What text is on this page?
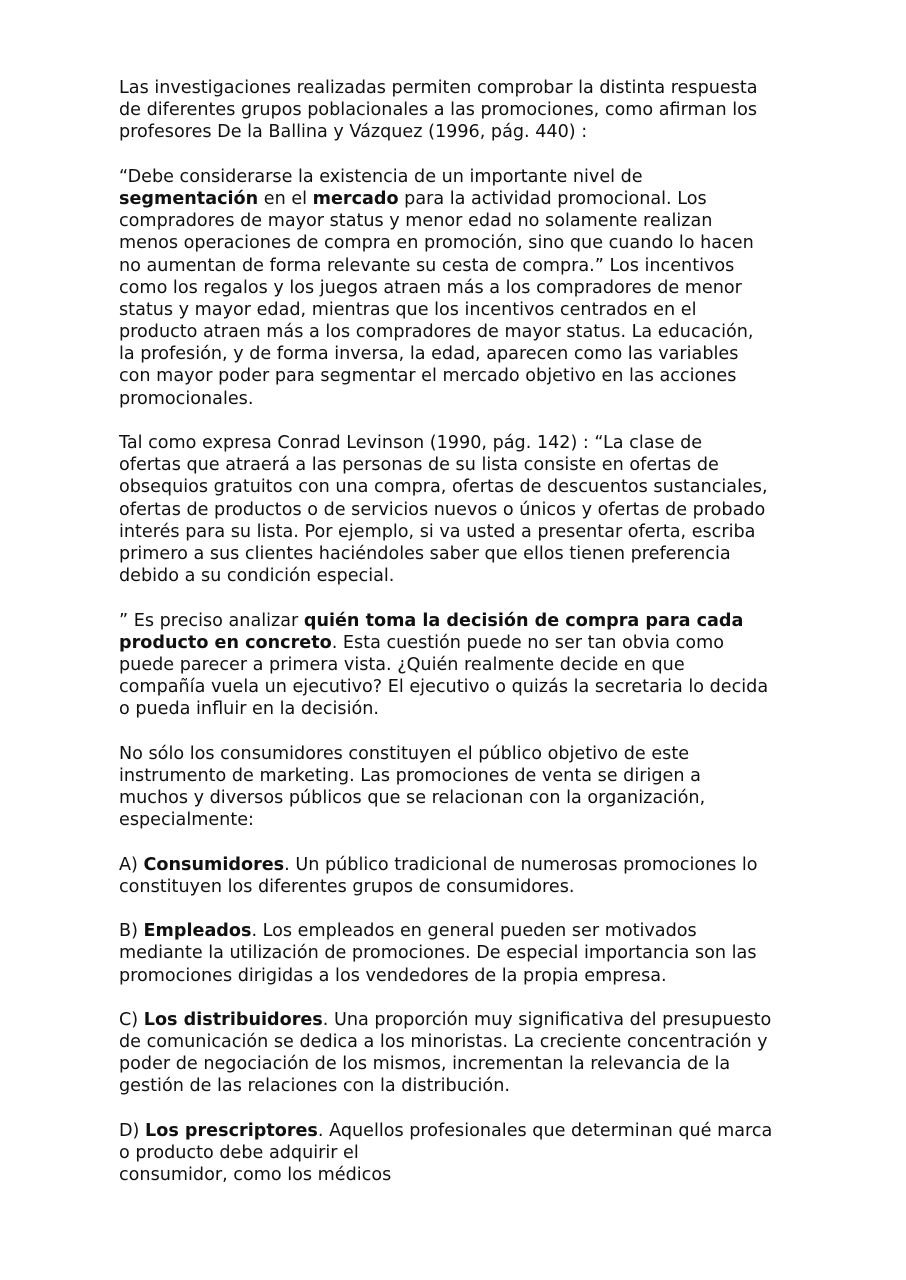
Las investigaciones realizadas permiten comprobar la distinta respuesta
de diferentes grupos poblacionales a las promociones, como afirman los
profesores De la Ballina y Vázquez (1996, pág. 440) :

“Debe considerarse la existencia de un importante nivel de
segmentación en el mercado para la actividad promocional. Los
compradores de mayor status y menor edad no solamente realizan
menos operaciones de compra en promoción, sino que cuando lo hacen
no aumentan de forma relevante su cesta de compra.” Los incentivos
como los regalos y los juegos atraen más a los compradores de menor
status y mayor edad, mientras que los incentivos centrados en el
producto atraen más a los compradores de mayor status. La educación,
la profesión, y de forma inversa, la edad, aparecen como las variables
con mayor poder para segmentar el mercado objetivo en las acciones
promocionales.

Tal como expresa Conrad Levinson (1990, pág. 142) : “La clase de
ofertas que atraerá a las personas de su lista consiste en ofertas de
obsequios gratuitos con una compra, ofertas de descuentos sustanciales,
ofertas de productos o de servicios nuevos o únicos y ofertas de probado
interés para su lista. Por ejemplo, si va usted a presentar oferta, escriba
primero a sus clientes haciéndoles saber que ellos tienen preferencia
debido a su condición especial.

” Es preciso analizar quién toma la decisión de compra para cada
producto en concreto. Esta cuestión puede no ser tan obvia como
puede parecer a primera vista. ¿Quién realmente decide en que
compañía vuela un ejecutivo? El ejecutivo o quizás la secretaria lo decida
o pueda influir en la decisión.

No sólo los consumidores constituyen el público objetivo de este
instrumento de marketing. Las promociones de venta se dirigen a
muchos y diversos públicos que se relacionan con la organización,
especialmente:

A) Consumidores. Un público tradicional de numerosas promociones lo
constituyen los diferentes grupos de consumidores.

B) Empleados. Los empleados en general pueden ser motivados
mediante la utilización de promociones. De especial importancia son las
promociones dirigidas a los vendedores de la propia empresa.

C) Los distribuidores. Una proporción muy significativa del presupuesto
de comunicación se dedica a los minoristas. La creciente concentración y
poder de negociación de los mismos, incrementan la relevancia de la
gestión de las relaciones con la distribución.

D) Los prescriptores. Aquellos profesionales que determinan qué marca
o producto debe adquirir el
consumidor, como los médicos
